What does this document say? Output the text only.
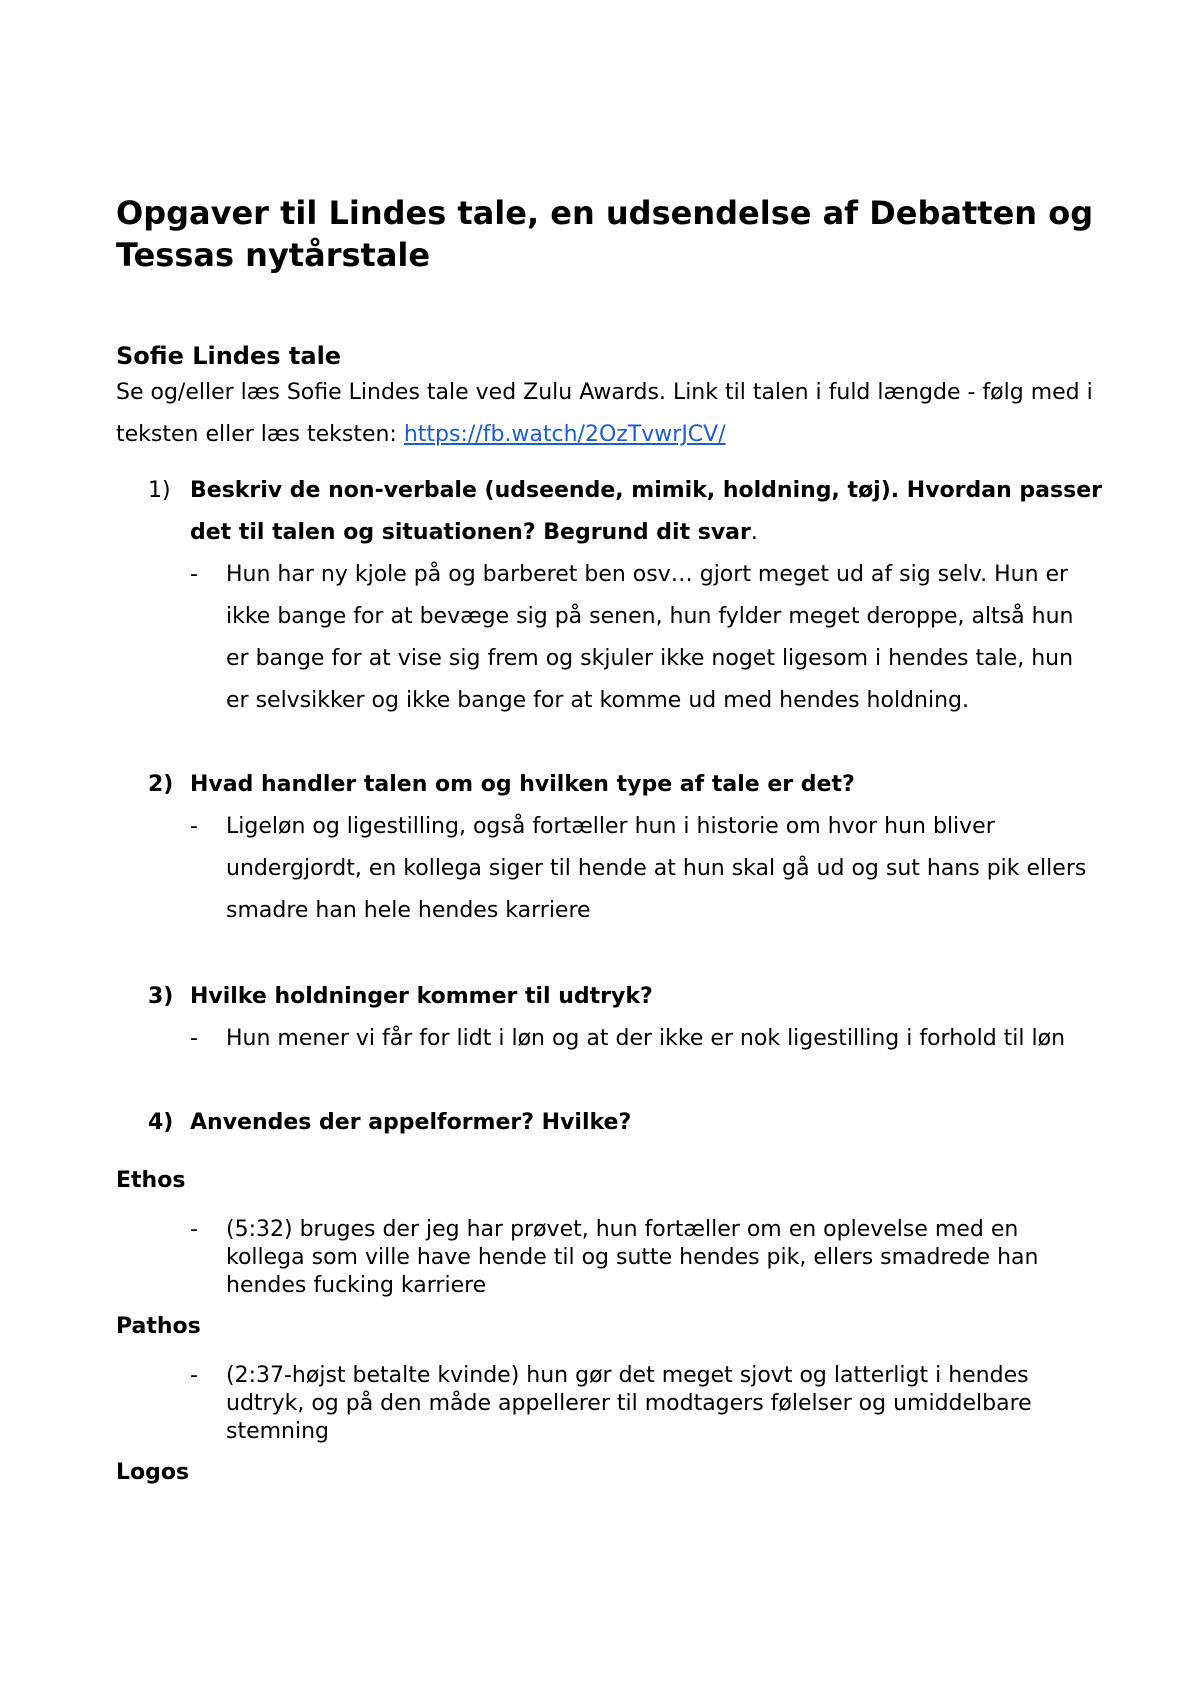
Opgaver til Lindes tale, en udsendelse af Debatten og Tessas nytårstale
Sofie Lindes tale

Se og/eller læs Sofie Lindes tale ved Zulu Awards. Link til talen i fuld længde - følg med i teksten eller læs teksten: https://fb.watch/2OzTvwrJCV/

1) Beskriv de non-verbale (udseende, mimik, holdning, tøj). Hvordan passer det til talen og situationen? Begrund dit svar.
- Hun har ny kjole på og barberet ben osv… gjort meget ud af sig selv. Hun er ikke bange for at bevæge sig på senen, hun fylder meget deroppe, altså hun er bange for at vise sig frem og skjuler ikke noget ligesom i hendes tale, hun er selvsikker og ikke bange for at komme ud med hendes holdning.
2) Hvad handler talen om og hvilken type af tale er det?
- Ligeløn og ligestilling, også fortæller hun i historie om hvor hun bliver undergjordt, en kollega siger til hende at hun skal gå ud og sut hans pik ellers smadre han hele hendes karriere
3) Hvilke holdninger kommer til udtryk?
- Hun mener vi får for lidt i løn og at der ikke er nok ligestilling i forhold til løn
4) Anvendes der appelformer? Hvilke?
Ethos
- (5:32) bruges der jeg har prøvet, hun fortæller om en oplevelse med en kollega som ville have hende til og sutte hendes pik, ellers smadrede han hendes fucking karriere
Pathos
- (2:37-højst betalte kvinde) hun gør det meget sjovt og latterligt i hendes udtryk, og på den måde appellerer til modtagers følelser og umiddelbare stemning
Logos
